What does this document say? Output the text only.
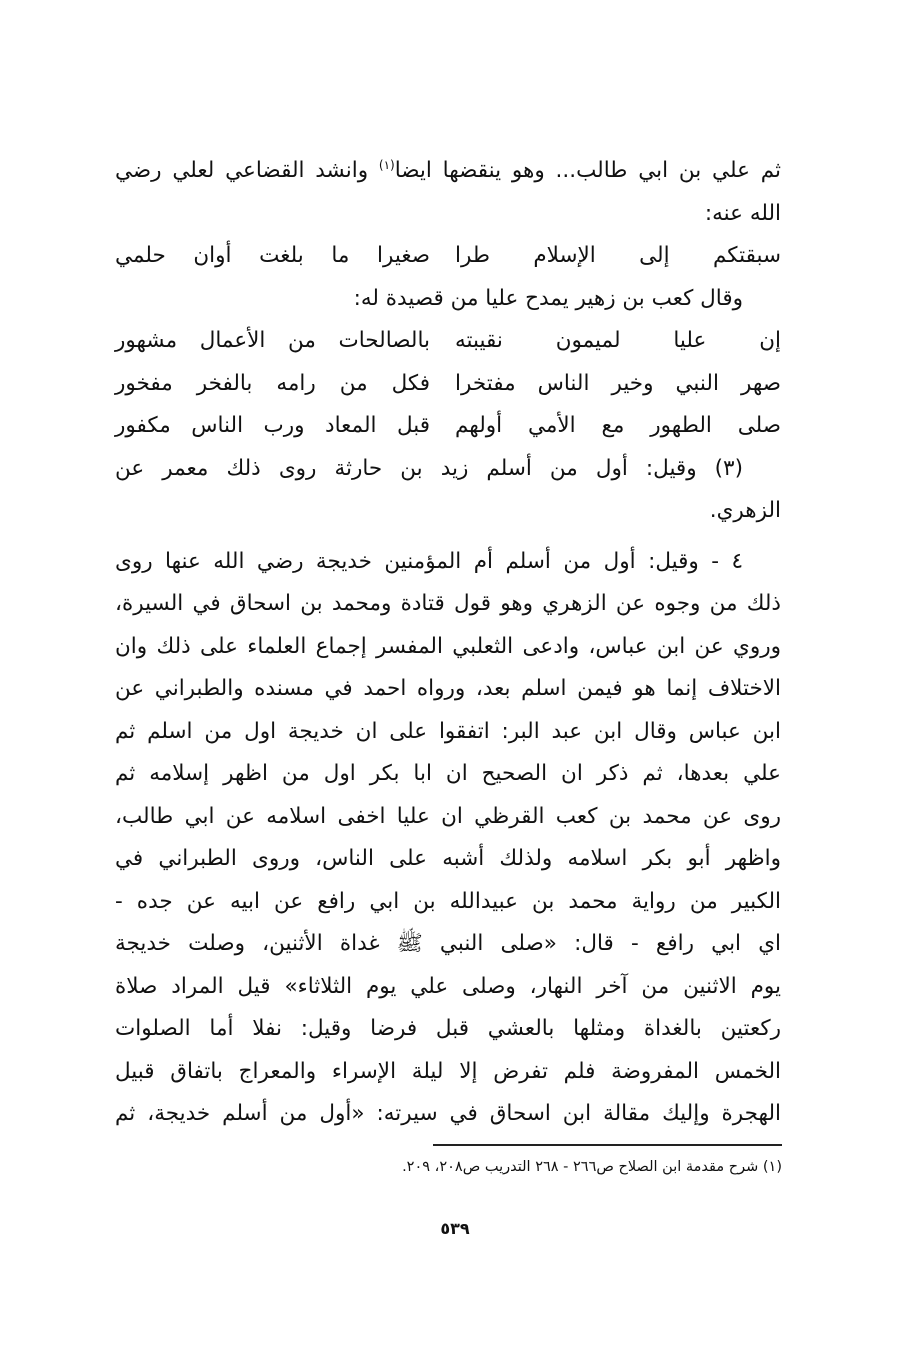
ثم علي بن ابي طالب... وهو ينقضها ايضا$^{(١)}$ وانشد القضاعي لعلي رضي
الله عنه:
سبقتكم إلى الإسلام طرا
صغيرا ما بلغت أوان حلمي
وقال كعب بن زهير يمدح عليا من قصيدة له:
إن عليا لميمون نقيبته
بالصالحات من الأعمال مشهور
صهر النبي وخير الناس مفتخرا
فكل من رامه بالفخر مفخور
صلى الطهور مع الأمي أولهم
قبل المعاد ورب الناس مكفور
(٣) وقيل: أول من أسلم زيد بن حارثة روى ذلك معمر عن
الزهري.
٤ - وقيل: أول من أسلم أم المؤمنين خديجة رضي الله عنها روى
ذلك من وجوه عن الزهري وهو قول قتادة ومحمد بن اسحاق في السيرة،
وروي عن ابن عباس، وادعى الثعلبي المفسر إجماع العلماء على ذلك وان
الاختلاف إنما هو فيمن اسلم بعد، ورواه احمد في مسنده والطبراني عن
ابن عباس وقال ابن عبد البر: اتفقوا على ان خديجة اول من اسلم ثم
علي بعدها، ثم ذكر ان الصحيح ان ابا بكر اول من اظهر إسلامه ثم
روى عن محمد بن كعب القرظي ان عليا اخفى اسلامه عن ابي طالب،
واظهر أبو بكر اسلامه ولذلك أشبه على الناس، وروى الطبراني في
الكبير من رواية محمد بن عبيدالله بن ابي رافع عن ابيه عن جده -
اي ابي رافع - قال: «صلى النبي ﷺ غداة الأثنين، وصلت خديجة
يوم الاثنين من آخر النهار، وصلى علي يوم الثلاثاء» قيل المراد صلاة
ركعتين بالغداة ومثلها بالعشي قبل فرضا وقيل: نفلا أما الصلوات
الخمس المفروضة فلم تفرض إلا ليلة الإسراء والمعراج باتفاق قبيل
الهجرة وإليك مقالة ابن اسحاق في سيرته: «أول من أسلم خديجة، ثم
(١) شرح مقدمة ابن الصلاح ص٢٦٦ - ٢٦٨ التدريب ص٢٠٨، ٢٠٩.
٥٣٩
